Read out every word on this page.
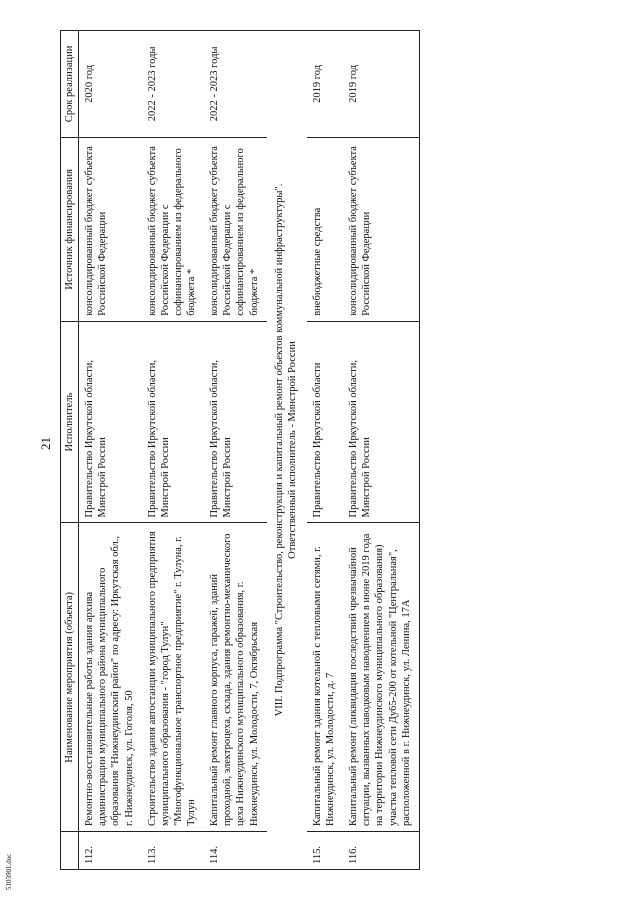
21
5103901.doc
	Наименование мероприятия (объекта)	Исполнитель	Источник финансирования	Срок реализации
112.	Ремонтно-восстановительные работы здания архива администрации муниципального района муниципального образования "Нижнеудинский район" по адресу: Иркутская обл., г. Нижнеудинск, ул. Гоголя, 50	Правительство Иркутской области, Минстрой России	консолидированный бюджет субъекта Российской Федерации	2020 год
113.	Строительство здания автостанции муниципального предприятия муниципального образования - "город Тулун" "Многофункциональное транспортное предприятие" г. Тулуна, г. Тулун	Правительство Иркутской области, Минстрой России	консолидированный бюджет субъекта Российской Федерации с софинансированием из федерального бюджета *	2022 - 2023 годы
114.	Капитальный ремонт главного корпуса, гаражей, зданий проходной, электроцеха, склада, здания ремонтно-механического цеха Нижнеудинского муниципального образования, г. Нижнеудинск, ул. Молодости, 7, Октябрьская	Правительство Иркутской области, Минстрой России	консолидированный бюджет субъекта Российской Федерации с софинансированием из федерального бюджета *	2022 - 2023 годы

VIII. Подпрограмма "Строительство, реконструкция и капитальный ремонт объектов коммунальной инфраструктуры". Ответственный исполнитель - Минстрой России				

115.	Капитальный ремонт здания котельной с тепловыми сетями, г. Нижнеудинск, ул. Молодости, д. 7	Правительство Иркутской области	внебюджетные средства	2019 год
116.	Капитальный ремонт (ликвидация последствий чрезвычайной ситуации, вызванных паводковым наводнением в июне 2019 года на территории Нижнеудинского муниципального образования) участка тепловой сети Ду65-200 от котельной "Центральная", расположенной в г. Нижнеудинск, ул. Ленина, 17А	Правительство Иркутской области, Минстрой России	консолидированный бюджет субъекта Российской Федерации	2019 год
